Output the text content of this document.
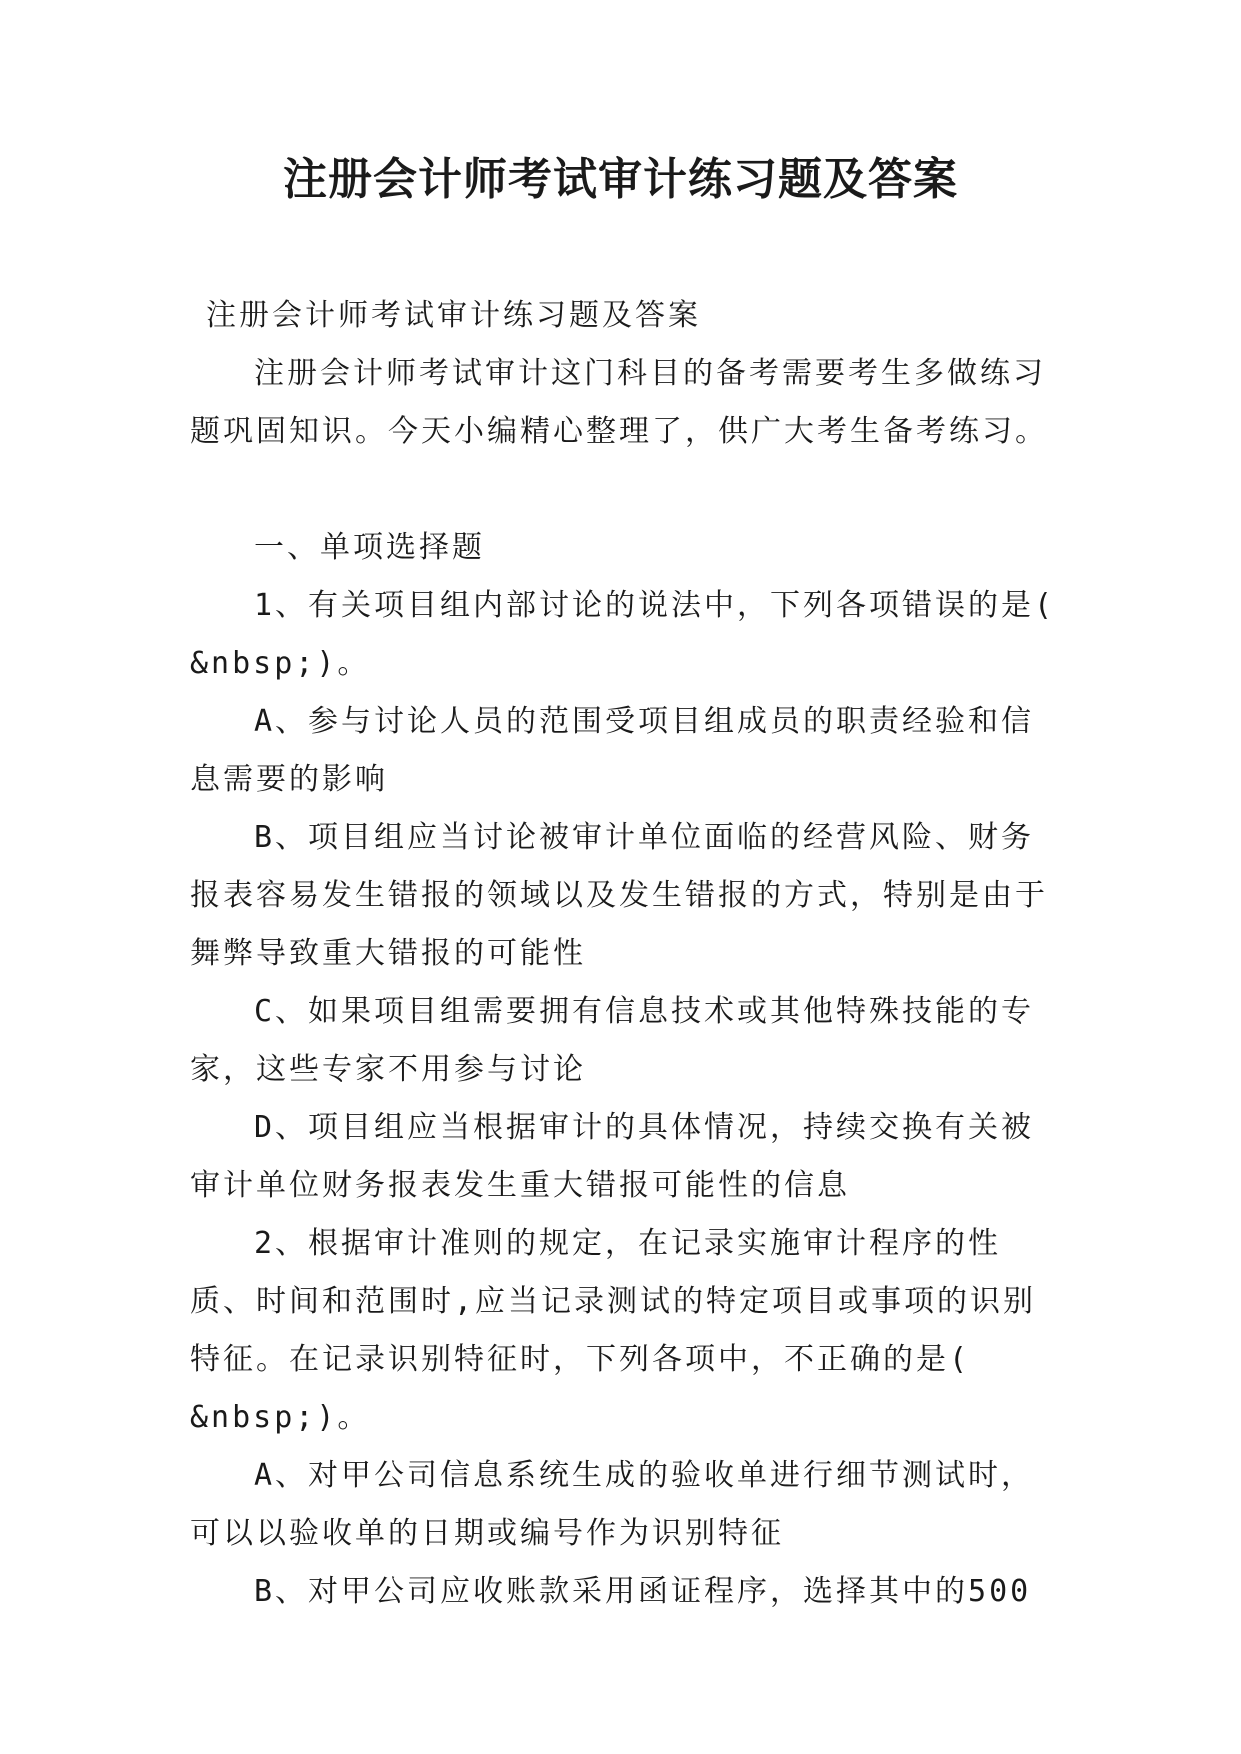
注册会计师考试审计练习题及答案

注册会计师考试审计练习题及答案

注册会计师考试审计这门科目的备考需要考生多做练习题巩固知识。今天小编精心整理了，供广大考生备考练习。

一、单项选择题

1、有关项目组内部讨论的说法中，下列各项错误的是( &nbsp;)。

A、参与讨论人员的范围受项目组成员的职责经验和信息需要的影响

B、项目组应当讨论被审计单位面临的经营风险、财务报表容易发生错报的领域以及发生错报的方式，特别是由于舞弊导致重大错报的可能性

C、如果项目组需要拥有信息技术或其他特殊技能的专家，这些专家不用参与讨论

D、项目组应当根据审计的具体情况，持续交换有关被审计单位财务报表发生重大错报可能性的信息

2、根据审计准则的规定，在记录实施审计程序的性质、时间和范围时,应当记录测试的特定项目或事项的识别特征。在记录识别特征时，下列各项中，不正确的是( &nbsp;)。

A、对甲公司信息系统生成的验收单进行细节测试时，可以以验收单的日期或编号作为识别特征

B、对甲公司应收账款采用函证程序，选择其中的500
